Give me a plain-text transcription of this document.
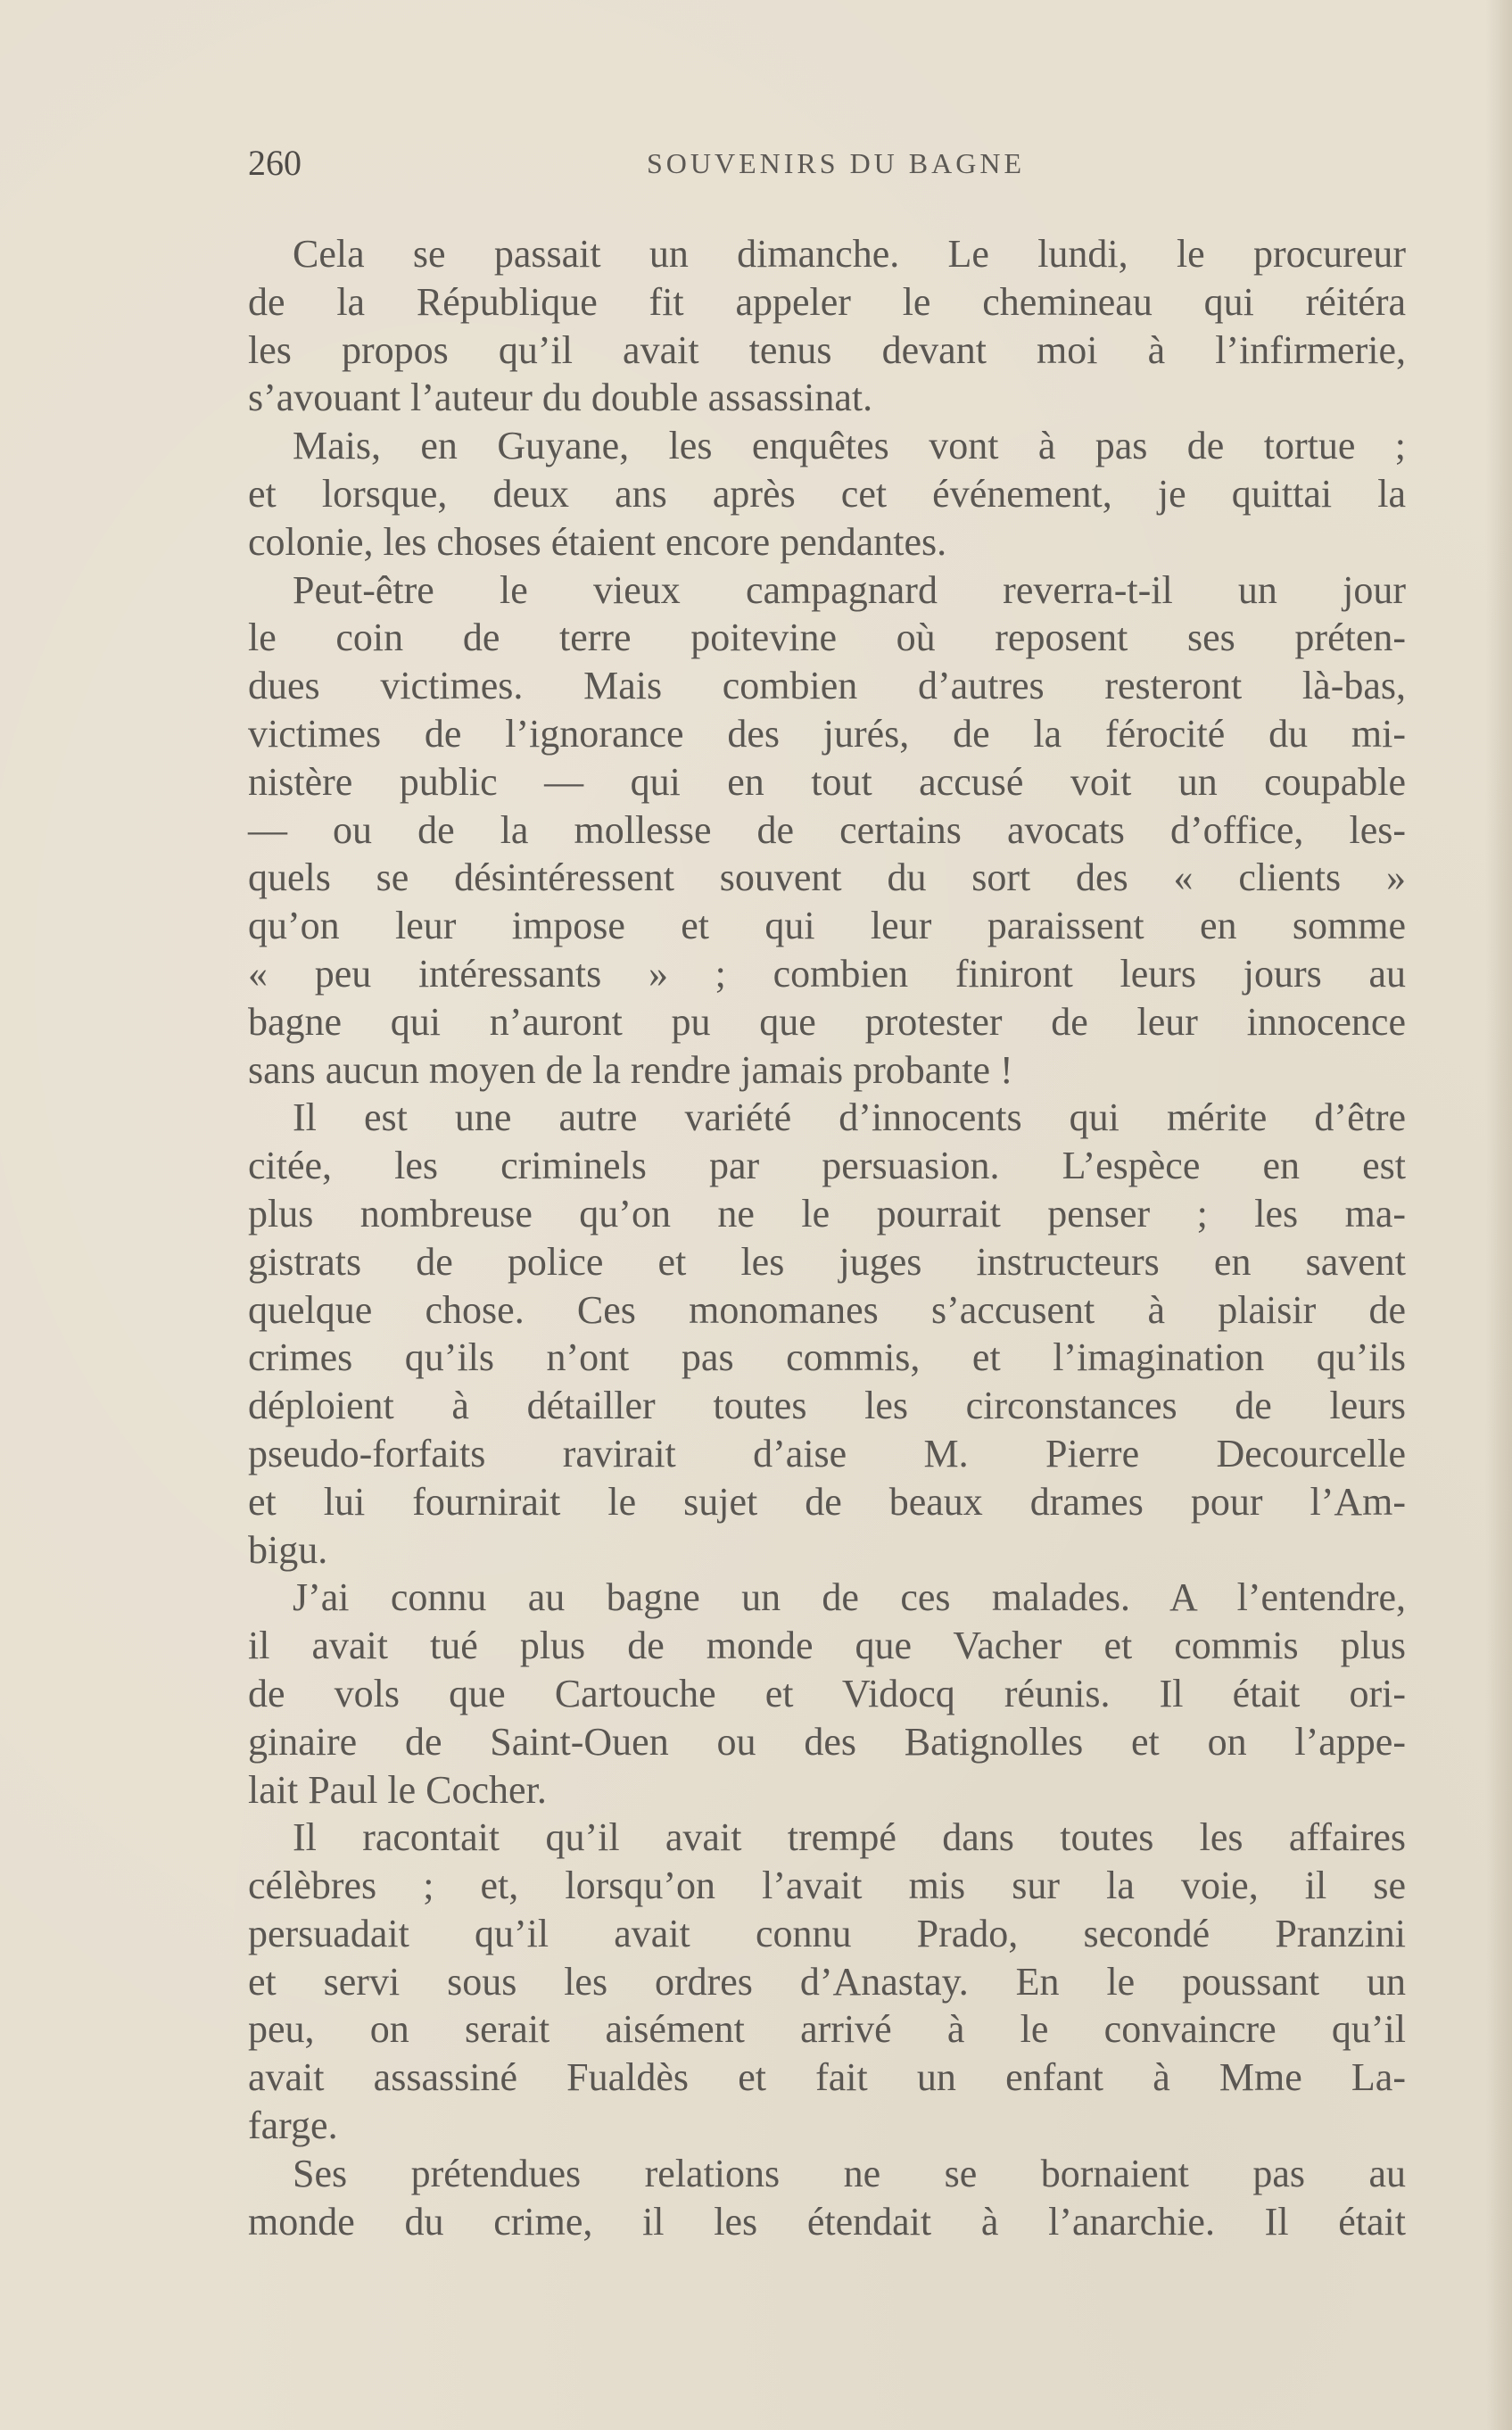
260	SOUVENIRS DU BAGNE
Cela se passait un dimanche. Le lundi, le procureur
de la République fit appeler le chemineau qui réitéra
les propos qu’il avait tenus devant moi à l’infirmerie,
s’avouant l’auteur du double assassinat.
Mais, en Guyane, les enquêtes vont à pas de tortue ;
et lorsque, deux ans après cet événement, je quittai la
colonie, les choses étaient encore pendantes.
Peut-être le vieux campagnard reverra-t-il un jour
le coin de terre poitevine où reposent ses préten-
dues victimes. Mais combien d’autres resteront là-bas,
victimes de l’ignorance des jurés, de la férocité du mi-
nistère public — qui en tout accusé voit un coupable
— ou de la mollesse de certains avocats d’office, les-
quels se désintéressent souvent du sort des « clients »
qu’on leur impose et qui leur paraissent en somme
« peu intéressants » ; combien finiront leurs jours au
bagne qui n’auront pu que protester de leur innocence
sans aucun moyen de la rendre jamais probante !
Il est une autre variété d’innocents qui mérite d’être
citée, les criminels par persuasion. L’espèce en est
plus nombreuse qu’on ne le pourrait penser ; les ma-
gistrats de police et les juges instructeurs en savent
quelque chose. Ces monomanes s’accusent à plaisir de
crimes qu’ils n’ont pas commis, et l’imagination qu’ils
déploient à détailler toutes les circonstances de leurs
pseudo-forfaits ravirait d’aise M. Pierre Decourcelle
et lui fournirait le sujet de beaux drames pour l’Am-
bigu.
J’ai connu au bagne un de ces malades. A l’entendre,
il avait tué plus de monde que Vacher et commis plus
de vols que Cartouche et Vidocq réunis. Il était ori-
ginaire de Saint-Ouen ou des Batignolles et on l’appe-
lait Paul le Cocher.
Il racontait qu’il avait trempé dans toutes les affaires
célèbres ; et, lorsqu’on l’avait mis sur la voie, il se
persuadait qu’il avait connu Prado, secondé Pranzini
et servi sous les ordres d’Anastay. En le poussant un
peu, on serait aisément arrivé à le convaincre qu’il
avait assassiné Fualdès et fait un enfant à Mme La-
farge.
Ses prétendues relations ne se bornaient pas au
monde du crime, il les étendait à l’anarchie. Il était
